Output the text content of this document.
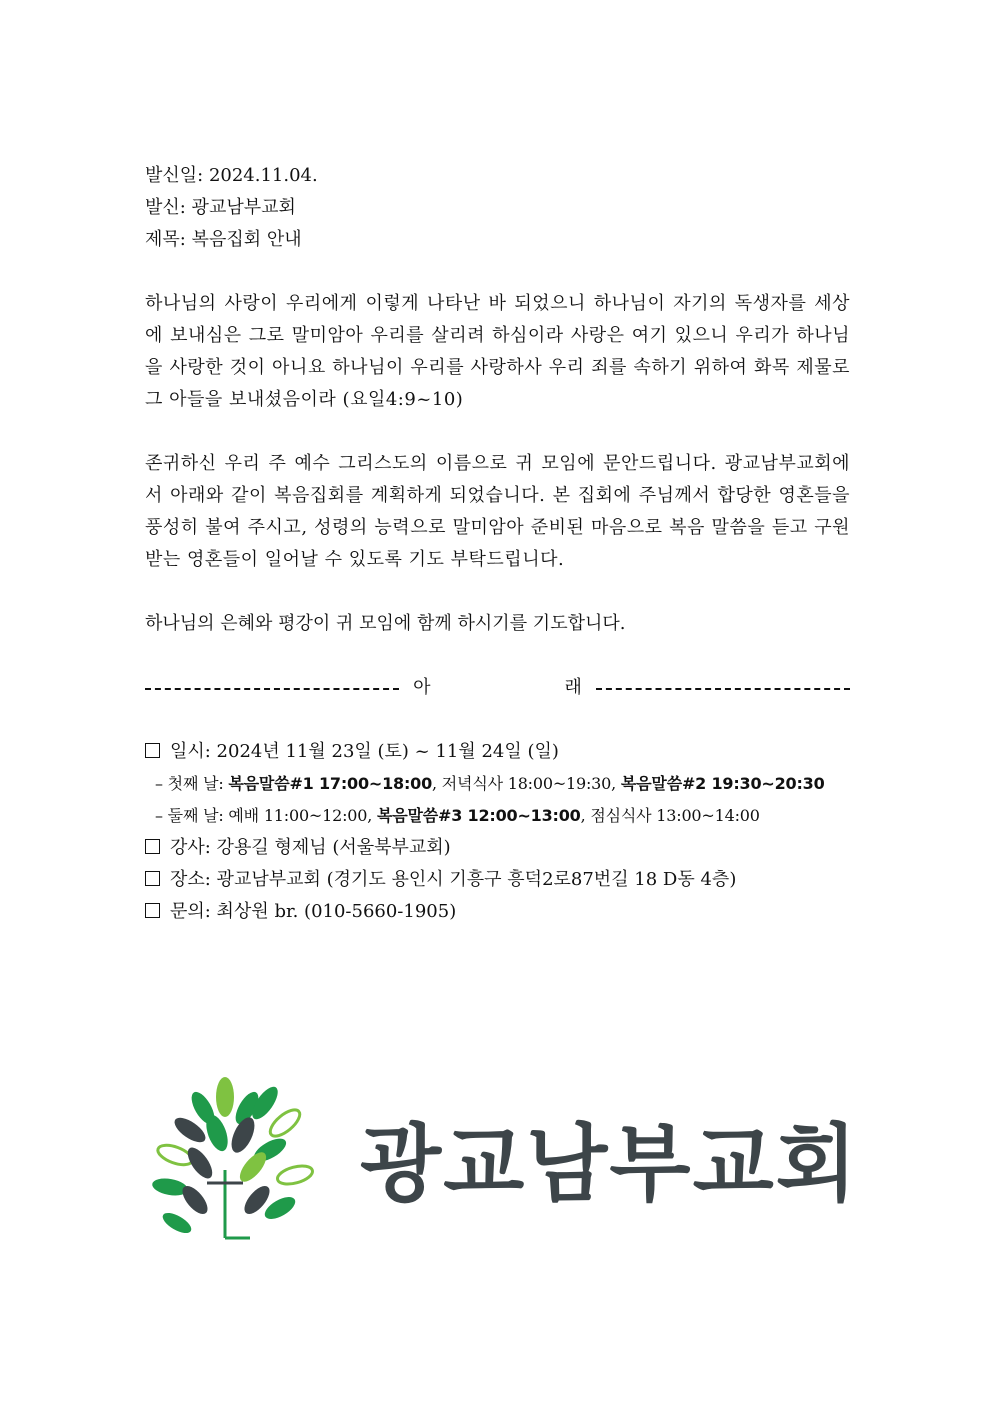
발신일: 2024.11.04.
발신: 광교남부교회
제목: 복음집회 안내

하나님의 사랑이 우리에게 이렇게 나타난 바 되었으니 하나님이 자기의 독생자를 세상에 보내심은 그로 말미암아 우리를 살리려 하심이라 사랑은 여기 있으니 우리가 하나님을 사랑한 것이 아니요 하나님이 우리를 사랑하사 우리 죄를 속하기 위하여 화목 제물로 그 아들을 보내셨음이라 (요일4:9~10)

존귀하신 우리 주 예수 그리스도의 이름으로 귀 모임에 문안드립니다. 광교남부교회에서 아래와 같이 복음집회를 계획하게 되었습니다. 본 집회에 주님께서 합당한 영혼들을 풍성히 불여 주시고, 성령의 능력으로 말미암아 준비된 마음으로 복음 말씀을 듣고 구원받는 영혼들이 일어날 수 있도록 기도 부탁드립니다.

하나님의 은혜와 평강이 귀 모임에 함께 하시기를 기도합니다.
아	래
일시: 2024년 11월 23일 (토) ~ 11월 24일 (일)
– 첫째 날: 복음말씀#1 17:00~18:00, 저녁식사 18:00~19:30, 복음말씀#2 19:30~20:30
– 둘째 날: 예배 11:00~12:00, 복음말씀#3 12:00~13:00, 점심식사 13:00~14:00
강사: 강용길 형제님 (서울북부교회)
장소: 광교남부교회 (경기도 용인시 기흥구 흥덕2로87번길 18 D동 4층)
문의: 최상원 br. (010-5660-1905)
광교남부교회
